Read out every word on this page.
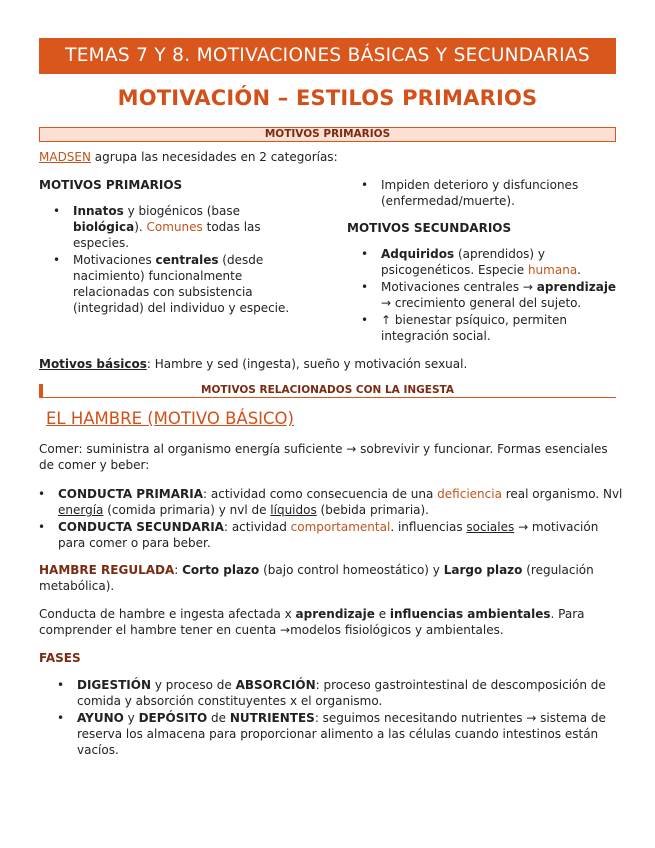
TEMAS 7 Y 8. MOTIVACIONES BÁSICAS Y SECUNDARIAS
MOTIVACIÓN – ESTILOS PRIMARIOS
MOTIVOS PRIMARIOS
MADSEN agrupa las necesidades en 2 categorías:
MOTIVOS PRIMARIOS
• Innatos y biogénicos (base biológica). Comunes todas las especies.
• Motivaciones centrales (desde nacimiento) funcionalmente relacionadas con subsistencia (integridad) del individuo y especie.
• Impiden deterioro y disfunciones (enfermedad/muerte).
MOTIVOS SECUNDARIOS
• Adquiridos (aprendidos) y psicogenéticos. Especie humana.
• Motivaciones centrales → aprendizaje → crecimiento general del sujeto.
• ↑ bienestar psíquico, permiten integración social.
Motivos básicos: Hambre y sed (ingesta), sueño y motivación sexual.
MOTIVOS RELACIONADOS CON LA INGESTA
EL HAMBRE (MOTIVO BÁSICO)
Comer: suministra al organismo energía suficiente → sobrevivir y funcionar. Formas esenciales de comer y beber:
• CONDUCTA PRIMARIA: actividad como consecuencia de una deficiencia real organismo. Nvl energía (comida primaria) y nvl de líquidos (bebida primaria).
• CONDUCTA SECUNDARIA: actividad comportamental. influencias sociales → motivación para comer o para beber.
HAMBRE REGULADA: Corto plazo (bajo control homeostático) y Largo plazo (regulación metabólica).
Conducta de hambre e ingesta afectada x aprendizaje e influencias ambientales. Para comprender el hambre tener en cuenta →modelos fisiológicos y ambientales.
FASES
• DIGESTIÓN y proceso de ABSORCIÓN: proceso gastrointestinal de descomposición de comida y absorción constituyentes x el organismo.
• AYUNO y DEPÓSITO de NUTRIENTES: seguimos necesitando nutrientes → sistema de reserva los almacena para proporcionar alimento a las células cuando intestinos están vacíos.
